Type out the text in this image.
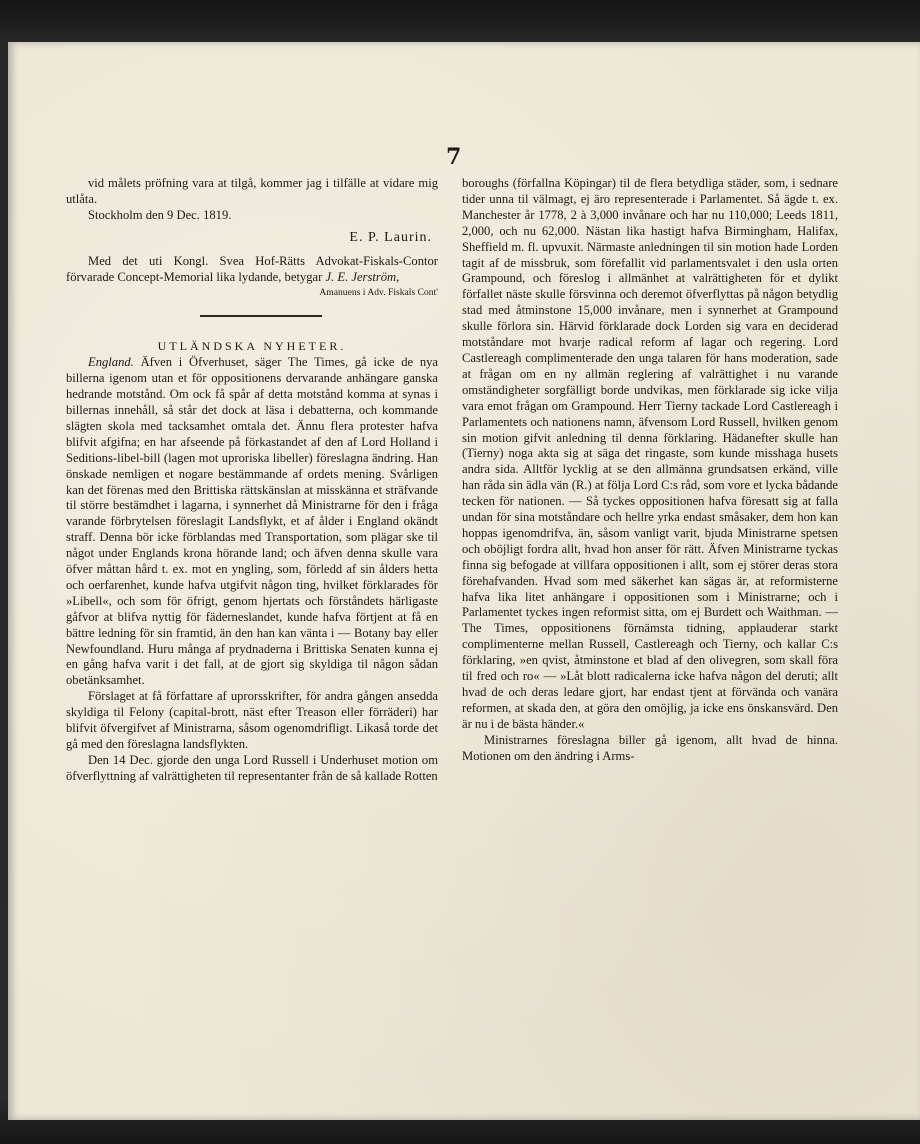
7

vid målets pröfning vara at tilgå, kommer jag i tilfälle at vidare mig utlåta.

Stockholm den 9 Dec. 1819.

E. P. Laurin.

Med det uti Kongl. Svea Hof-Rätts Advokat-Fiskals-Contor förvarade Concept-Memorial lika lydande, betygar J. E. Jerström,

Amanuens i Adv. Fiskals Cont'

UTLÄNDSKA NYHETER.

England. Äfven i Öfverhuset, säger The Times, gå icke de nya billerna igenom utan et för oppositionens dervarande anhängare ganska hedrande motstånd. Om ock få spår af detta motstånd komma at synas i billernas innehåll, så står det dock at läsa i debatterna, och kommande slägten skola med tacksamhet omtala det. Ännu flera protester hafva blifvit afgifna; en har afseende på förkastandet af den af Lord Holland i Seditions-libel-bill (lagen mot uproriska libeller) föreslagna ändring. Han önskade nemligen et nogare bestämmande af ordets mening. Svårligen kan det förenas med den Brittiska rättskänslan at misskänna et sträfvande til större bestämdhet i lagarna, i synnerhet då Ministrarne för den i fråga varande förbrytelsen föreslagit Landsflykt, et af ålder i England okändt straff. Denna bör icke förblandas med Transportation, som plägar ske til något under Englands krona hörande land; och äfven denna skulle vara öfver måttan hård t. ex. mot en yngling, som, förledd af sin ålders hetta och oerfarenhet, kunde hafva utgifvit någon ting, hvilket förklarades för »Libell«, och som för öfrigt, genom hjertats och förståndets härligaste gåfvor at blifva nyttig för fäderneslandet, kunde hafva förtjent at få en bättre ledning för sin framtid, än den han kan vänta i — Botany bay eller Newfoundland. Huru många af prydnaderna i Brittiska Senaten kunna ej en gång hafva varit i det fall, at de gjort sig skyldiga til någon sådan obetänksamhet.

Förslaget at få författare af uprorsskrifter, för andra gången ansedda skyldiga til Felony (capital-brott, näst efter Treason eller förräderi) har blifvit öfvergifvet af Ministrarna, såsom ogenomdrifligt. Likaså torde det gå med den föreslagna landsflykten.

Den 14 Dec. gjorde den unga Lord Russell i Underhuset motion om öfverflyttning af valrättigheten til representanter från de så kallade Rotten

boroughs (förfallna Köpingar) til de flera betydliga städer, som, i sednare tider unna til välmagt, ej äro representerade i Parlamentet. Så ägde t. ex. Manchester år 1778, 2 à 3,000 invånare och har nu 110,000; Leeds 1811, 2,000, och nu 62,000. Nästan lika hastigt hafva Birmingham, Halifax, Sheffield m. fl. upvuxit. Närmaste anledningen til sin motion hade Lorden tagit af de missbruk, som förefallit vid parlamentsvalet i den usla orten Grampound, och föreslog i allmänhet at valrättigheten för et dylikt förfallet näste skulle försvinna och deremot öfverflyttas på någon betydlig stad med åtminstone 15,000 invånare, men i synnerhet at Grampound skulle förlora sin. Härvid förklarade dock Lorden sig vara en deciderad motståndare mot hvarje radical reform af lagar och regering. Lord Castlereagh complimenterade den unga talaren för hans moderation, sade at frågan om en ny allmän reglering af valrättighet i nu varande omständigheter sorgfälligt borde undvikas, men förklarade sig icke vilja vara emot frågan om Grampound. Herr Tierny tackade Lord Castlereagh i Parlamentets och nationens namn, äfvensom Lord Russell, hvilken genom sin motion gifvit anledning til denna förklaring. Hädanefter skulle han (Tierny) noga akta sig at säga det ringaste, som kunde misshaga husets andra sida. Alltför lycklig at se den allmänna grundsatsen erkänd, ville han råda sin ädla vän (R.) at följa Lord C:s råd, som vore et lycka bådande tecken för nationen. — Så tyckes oppositionen hafva föresatt sig at falla undan för sina motståndare och hellre yrka endast småsaker, dem hon kan hoppas igenomdrifva, än, såsom vanligt varit, bjuda Ministrarne spetsen och oböjligt fordra allt, hvad hon anser för rätt. Äfven Ministrarne tyckas finna sig befogade at villfara oppositionen i allt, som ej störer deras stora förehafvanden. Hvad som med säkerhet kan sägas är, at reformisterne hafva lika litet anhängare i oppositionen som i Ministrarne; och i Parlamentet tyckes ingen reformist sitta, om ej Burdett och Waithman. — The Times, oppositionens förnämsta tidning, applauderar starkt complimenterne mellan Russell, Castlereagh och Tierny, och kallar C:s förklaring, »en qvist, åtminstone et blad af den olivegren, som skall föra til fred och ro« — »Låt blott radicalerna icke hafva någon del deruti; allt hvad de och deras ledare gjort, har endast tjent at förvända och vanära reformen, at skada den, at göra den omöjlig, ja icke ens önskansvärd. Den är nu i de bästa händer.«

Ministrarnes föreslagna biller gå igenom, allt hvad de hinna. Motionen om den ändring i Arms-
